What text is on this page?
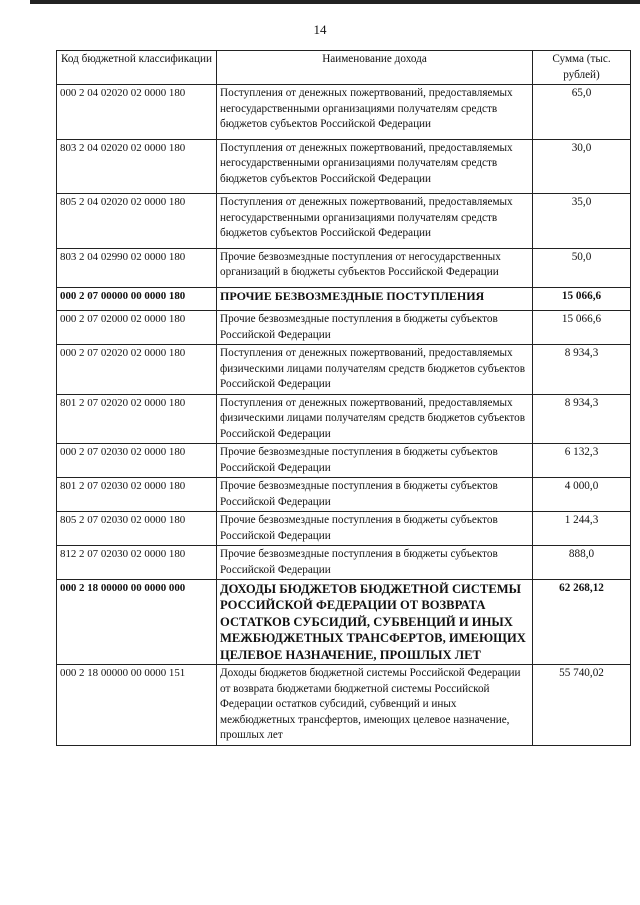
14
Код бюджетной классификации	Наименование дохода	Сумма (тыс. рублей)
000 2 04 02020 02 0000 180	Поступления от денежных пожертвований, предоставляемых негосударственными организациями получателям средств бюджетов субъектов Российской Федерации	65,0
803 2 04 02020 02 0000 180	Поступления от денежных пожертвований, предоставляемых негосударственными организациями получателям средств бюджетов субъектов Российской Федерации	30,0
805 2 04 02020 02 0000 180	Поступления от денежных пожертвований, предоставляемых негосударственными организациями получателям средств бюджетов субъектов Российской Федерации	35,0
803 2 04 02990 02 0000 180	Прочие безвозмездные поступления от негосударственных организаций в бюджеты субъектов Российской Федерации	50,0
000 2 07 00000 00 0000 180	ПРОЧИЕ БЕЗВОЗМЕЗДНЫЕ ПОСТУПЛЕНИЯ	15 066,6
000 2 07 02000 02 0000 180	Прочие безвозмездные поступления в бюджеты субъектов Российской Федерации	15 066,6
000 2 07 02020 02 0000 180	Поступления от денежных пожертвований, предоставляемых физическими лицами получателям средств бюджетов субъектов Российской Федерации	8 934,3
801 2 07 02020 02 0000 180	Поступления от денежных пожертвований, предоставляемых физическими лицами получателям средств бюджетов субъектов Российской Федерации	8 934,3
000 2 07 02030 02 0000 180	Прочие безвозмездные поступления в бюджеты субъектов Российской Федерации	6 132,3
801 2 07 02030 02 0000 180	Прочие безвозмездные поступления в бюджеты субъектов Российской Федерации	4 000,0
805 2 07 02030 02 0000 180	Прочие безвозмездные поступления в бюджеты субъектов Российской Федерации	1 244,3
812 2 07 02030 02 0000 180	Прочие безвозмездные поступления в бюджеты субъектов Российской Федерации	888,0
000 2 18 00000 00 0000 000	ДОХОДЫ БЮДЖЕТОВ БЮДЖЕТНОЙ СИСТЕМЫ РОССИЙСКОЙ ФЕДЕРАЦИИ ОТ ВОЗВРАТА ОСТАТКОВ СУБСИДИЙ, СУБВЕНЦИЙ И ИНЫХ МЕЖБЮДЖЕТНЫХ ТРАНСФЕРТОВ, ИМЕЮЩИХ ЦЕЛЕВОЕ НАЗНАЧЕНИЕ, ПРОШЛЫХ ЛЕТ	62 268,12
000 2 18 00000 00 0000 151	Доходы бюджетов бюджетной системы Российской Федерации от возврата бюджетами бюджетной системы Российской Федерации остатков субсидий, субвенций и иных межбюджетных трансфертов, имеющих целевое назначение, прошлых лет	55 740,02
